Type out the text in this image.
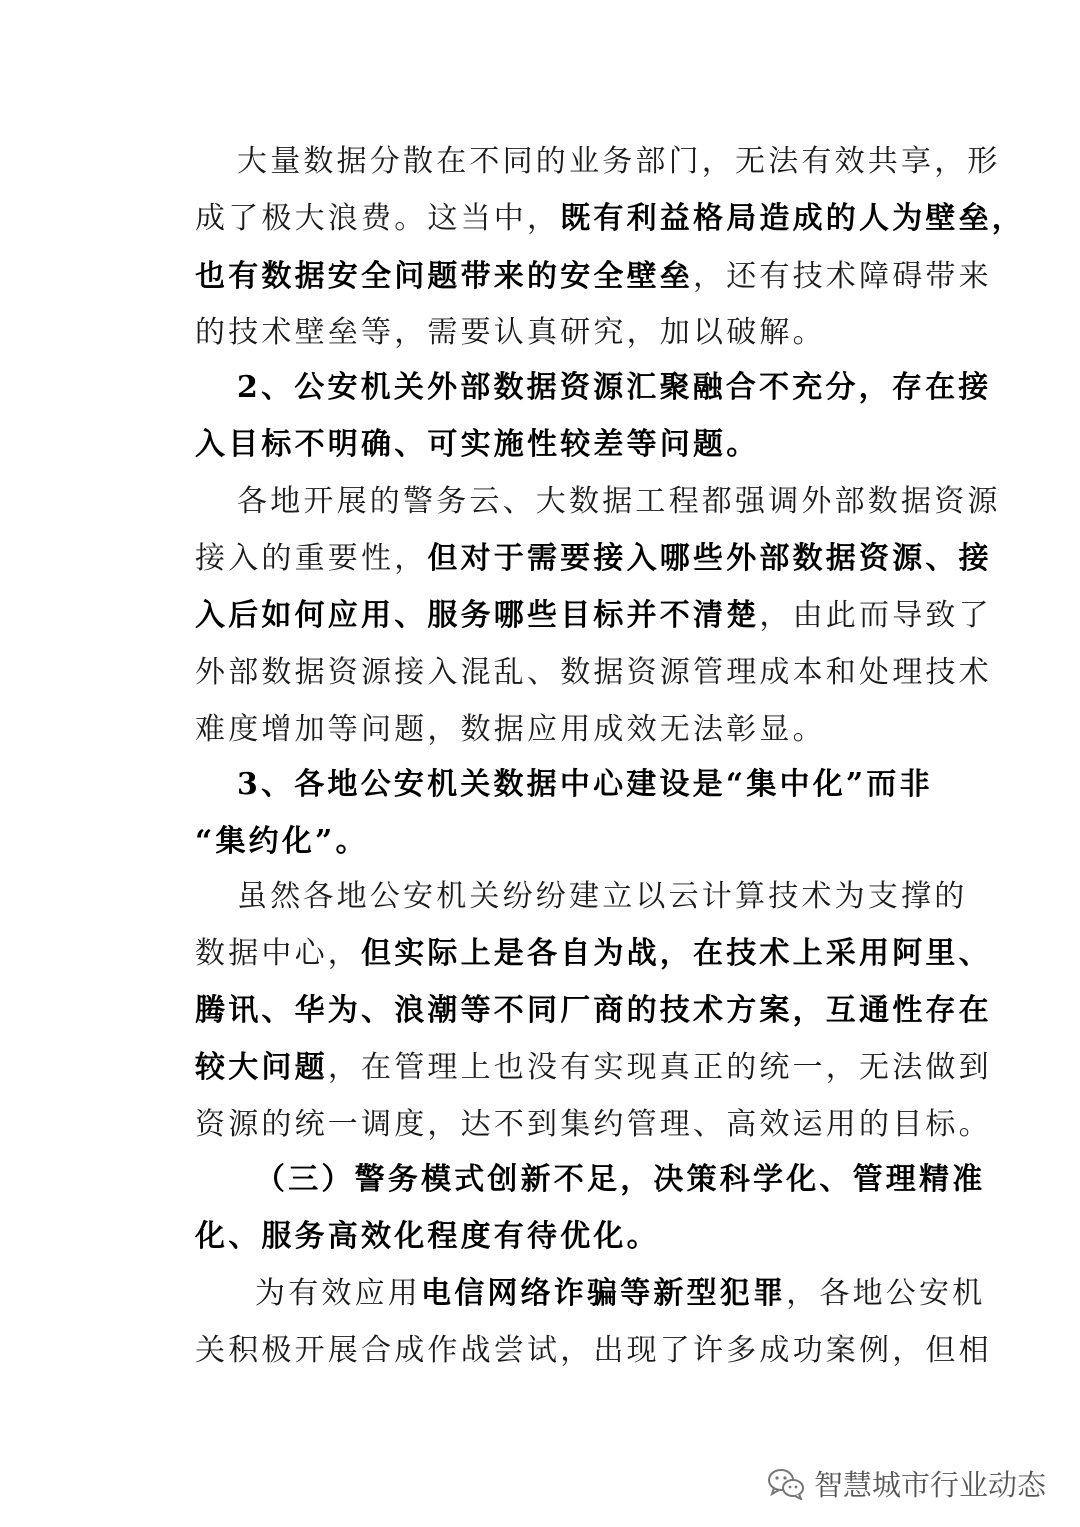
大量数据分散在不同的业务部门，无法有效共享，形
成了极大浪费。这当中，既有利益格局造成的人为壁垒，
也有数据安全问题带来的安全壁垒，还有技术障碍带来
的技术壁垒等，需要认真研究，加以破解。
2、公安机关外部数据资源汇聚融合不充分，存在接
入目标不明确、可实施性较差等问题。
各地开展的警务云、大数据工程都强调外部数据资源
接入的重要性，但对于需要接入哪些外部数据资源、接
入后如何应用、服务哪些目标并不清楚，由此而导致了
外部数据资源接入混乱、数据资源管理成本和处理技术
难度增加等问题，数据应用成效无法彰显。
3、各地公安机关数据中心建设是“集中化”而非
“集约化”。
虽然各地公安机关纷纷建立以云计算技术为支撑的
数据中心，但实际上是各自为战，在技术上采用阿里、
腾讯、华为、浪潮等不同厂商的技术方案，互通性存在
较大问题，在管理上也没有实现真正的统一，无法做到
资源的统一调度，达不到集约管理、高效运用的目标。
（三）警务模式创新不足，决策科学化、管理精准
化、服务高效化程度有待优化。
为有效应用电信网络诈骗等新型犯罪，各地公安机
关积极开展合成作战尝试，出现了许多成功案例，但相
智慧城市行业动态
